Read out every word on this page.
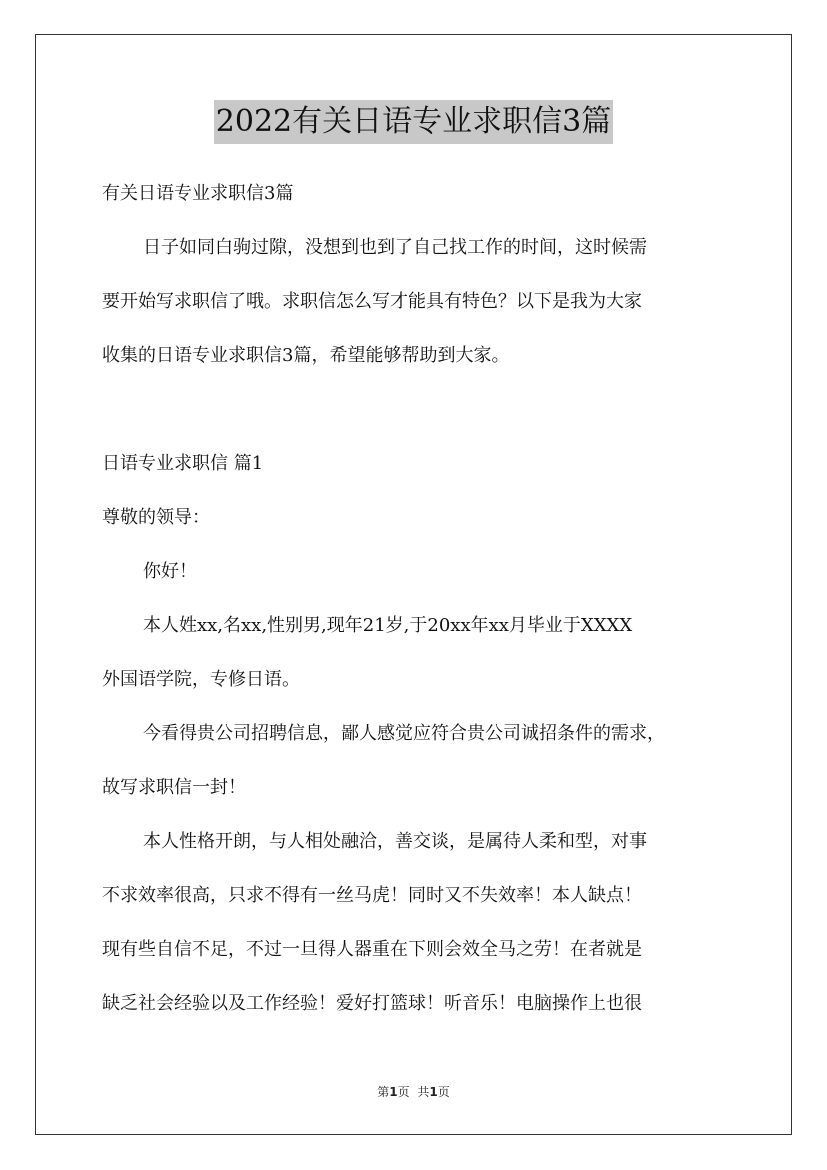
2022有关日语专业求职信3篇
有关日语专业求职信3篇
日子如同白驹过隙，没想到也到了自己找工作的时间，这时候需
要开始写求职信了哦。求职信怎么写才能具有特色？以下是我为大家
收集的日语专业求职信3篇，希望能够帮助到大家。
日语专业求职信 篇1
尊敬的领导：
你好！
本人姓xx,名xx,性别男,现年21岁,于20xx年xx月毕业于XXXX
外国语学院，专修日语。
今看得贵公司招聘信息，鄙人感觉应符合贵公司诚招条件的需求，
故写求职信一封！
本人性格开朗，与人相处融洽，善交谈，是属待人柔和型，对事
不求效率很高，只求不得有一丝马虎！同时又不失效率！本人缺点！
现有些自信不足，不过一旦得人器重在下则会效全马之劳！在者就是
缺乏社会经验以及工作经验！爱好打篮球！听音乐！电脑操作上也很
第1页 共1页
